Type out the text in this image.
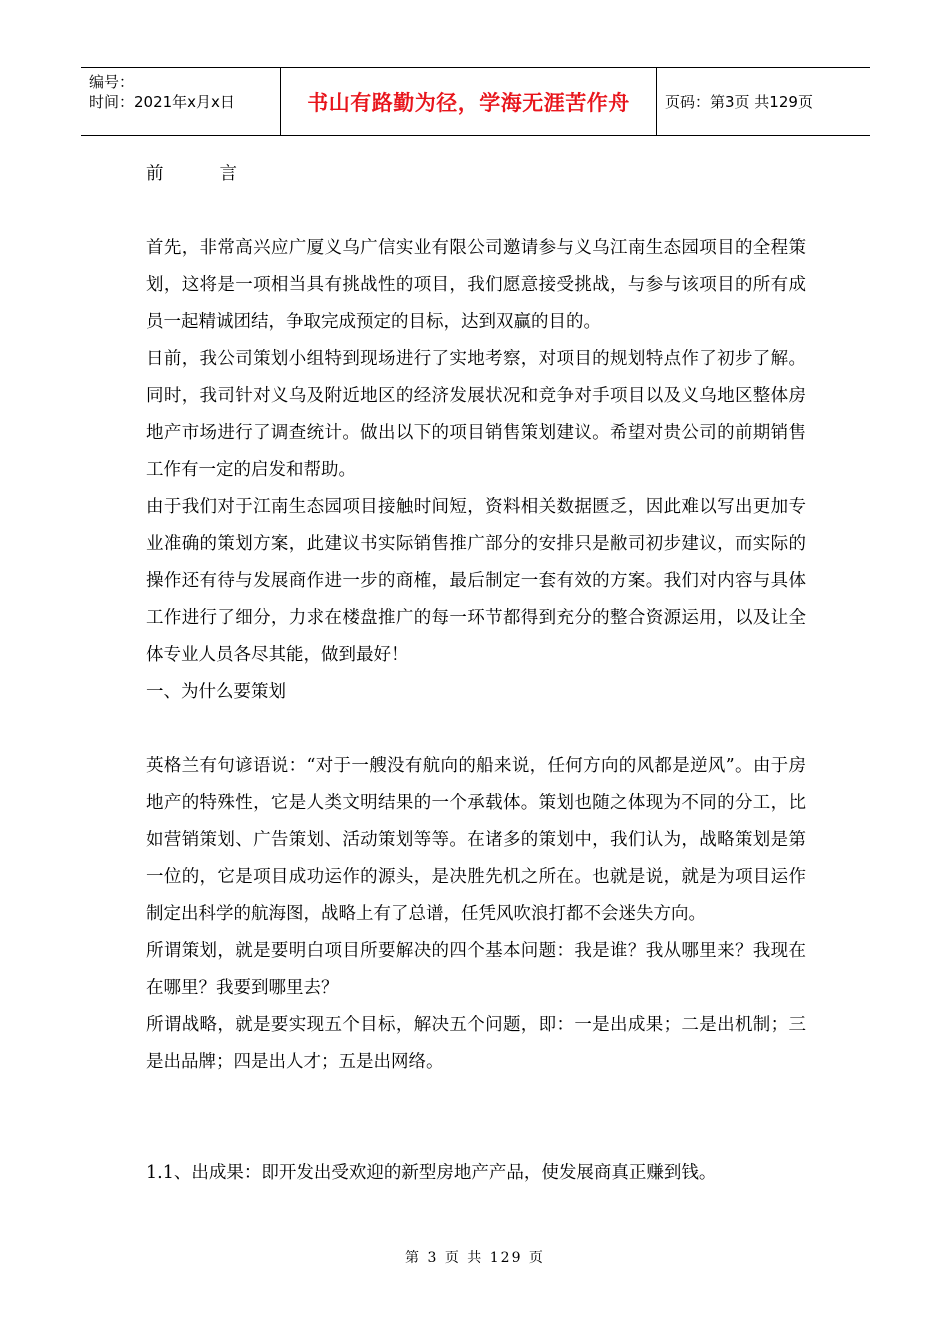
编号：
时间：2021年x月x日	书山有路勤为径，学海无涯苦作舟	页码：第3页 共129页

前言

首先，非常高兴应广厦义乌广信实业有限公司邀请参与义乌江南生态园项目的全程策划，这将是一项相当具有挑战性的项目，我们愿意接受挑战，与参与该项目的所有成员一起精诚团结，争取完成预定的目标，达到双赢的目的。

日前，我公司策划小组特到现场进行了实地考察，对项目的规划特点作了初步了解。同时，我司针对义乌及附近地区的经济发展状况和竞争对手项目以及义乌地区整体房地产市场进行了调查统计。做出以下的项目销售策划建议。希望对贵公司的前期销售工作有一定的启发和帮助。

由于我们对于江南生态园项目接触时间短，资料相关数据匮乏，因此难以写出更加专业准确的策划方案，此建议书实际销售推广部分的安排只是敝司初步建议，而实际的操作还有待与发展商作进一步的商榷，最后制定一套有效的方案。我们对内容与具体工作进行了细分，力求在楼盘推广的每一环节都得到充分的整合资源运用，以及让全体专业人员各尽其能，做到最好！

一、为什么要策划

英格兰有句谚语说：“对于一艘没有航向的船来说，任何方向的风都是逆风”。由于房地产的特殊性，它是人类文明结果的一个承载体。策划也随之体现为不同的分工，比如营销策划、广告策划、活动策划等等。在诸多的策划中，我们认为，战略策划是第一位的，它是项目成功运作的源头，是决胜先机之所在。也就是说，就是为项目运作制定出科学的航海图，战略上有了总谱，任凭风吹浪打都不会迷失方向。

所谓策划，就是要明白项目所要解决的四个基本问题：我是谁？我从哪里来？我现在在哪里？我要到哪里去？

所谓战略，就是要实现五个目标，解决五个问题，即：一是出成果；二是出机制；三是出品牌；四是出人才；五是出网络。

1.1、出成果：即开发出受欢迎的新型房地产产品，使发展商真正赚到钱。

第 3 页 共 129 页
